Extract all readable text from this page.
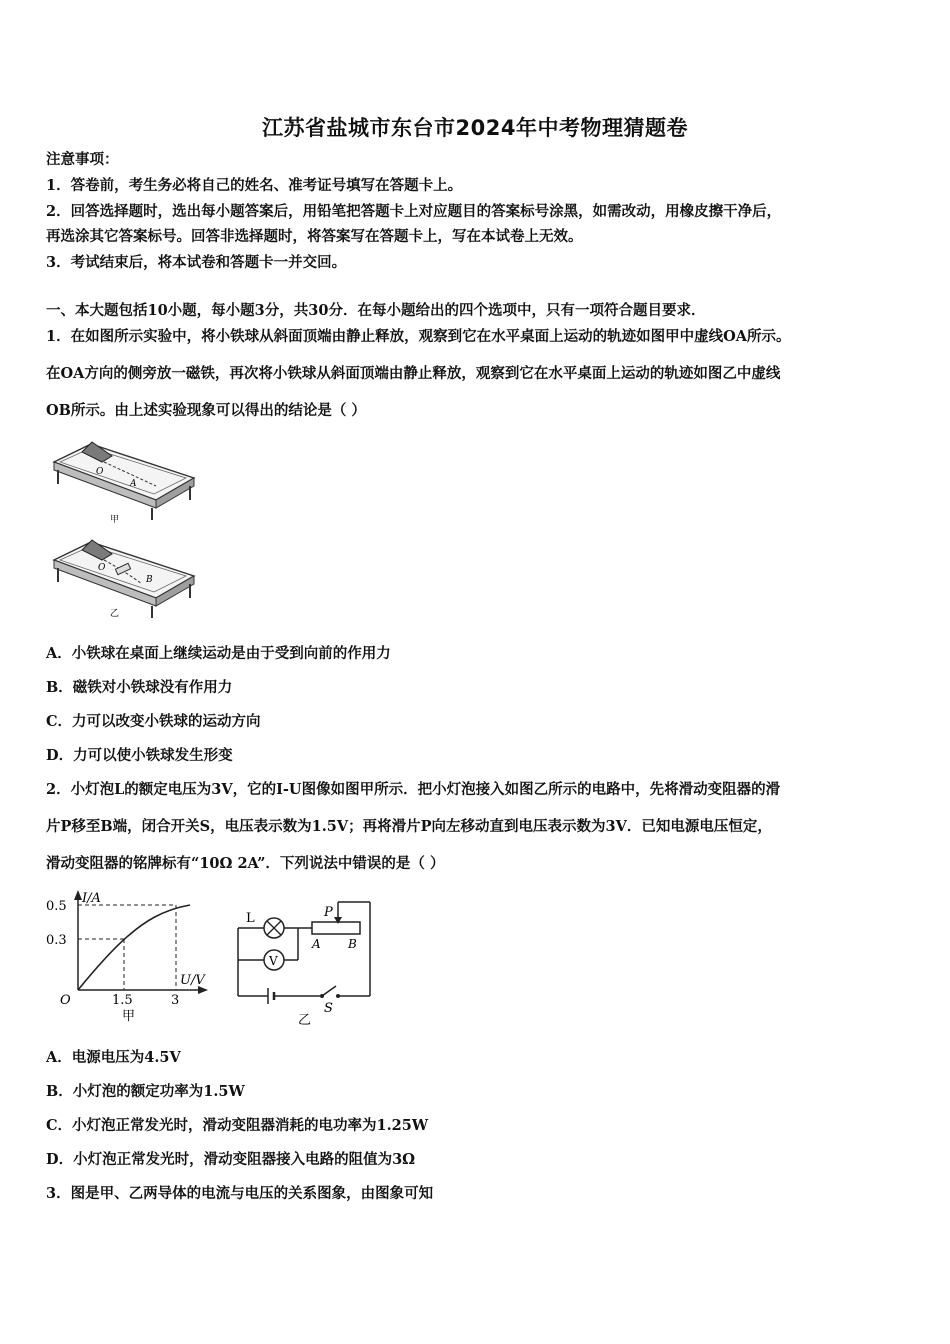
江苏省盐城市东台市2024年中考物理猜题卷
注意事项：
1．答卷前，考生务必将自己的姓名、准考证号填写在答题卡上。
2．回答选择题时，选出每小题答案后，用铅笔把答题卡上对应题目的答案标号涂黑，如需改动，用橡皮擦干净后，
再选涂其它答案标号。回答非选择题时，将答案写在答题卡上，写在本试卷上无效。
3．考试结束后，将本试卷和答题卡一并交回。
一、本大题包括10小题，每小题3分，共30分．在每小题给出的四个选项中，只有一项符合题目要求．
1．在如图所示实验中，将小铁球从斜面顶端由静止释放，观察到它在水平桌面上运动的轨迹如图甲中虚线OA所示。
在OA方向的侧旁放一磁铁，再次将小铁球从斜面顶端由静止释放，观察到它在水平桌面上运动的轨迹如图乙中虚线
OB所示。由上述实验现象可以得出的结论是（ ）
O
A
甲
O
B
乙
A．小铁球在桌面上继续运动是由于受到向前的作用力
B．磁铁对小铁球没有作用力
C．力可以改变小铁球的运动方向
D．力可以使小铁球发生形变
2．小灯泡L的额定电压为3V，它的I-U图像如图甲所示．把小灯泡接入如图乙所示的电路中，先将滑动变阻器的滑
片P移至B端，闭合开关S，电压表示数为1.5V；再将滑片P向左移动直到电压表示数为3V．已知电源电压恒定，
滑动变阻器的铭牌标有“10Ω 2A”．下列说法中错误的是（ ）
I/A
U/V
O
0.5
0.3
1.5	3
甲
L
V
P
A B
S
乙
A．电源电压为4.5V
B．小灯泡的额定功率为1.5W
C．小灯泡正常发光时，滑动变阻器消耗的电功率为1.25W
D．小灯泡正常发光时，滑动变阻器接入电路的阻值为3Ω
3．图是甲、乙两导体的电流与电压的关系图象，由图象可知
